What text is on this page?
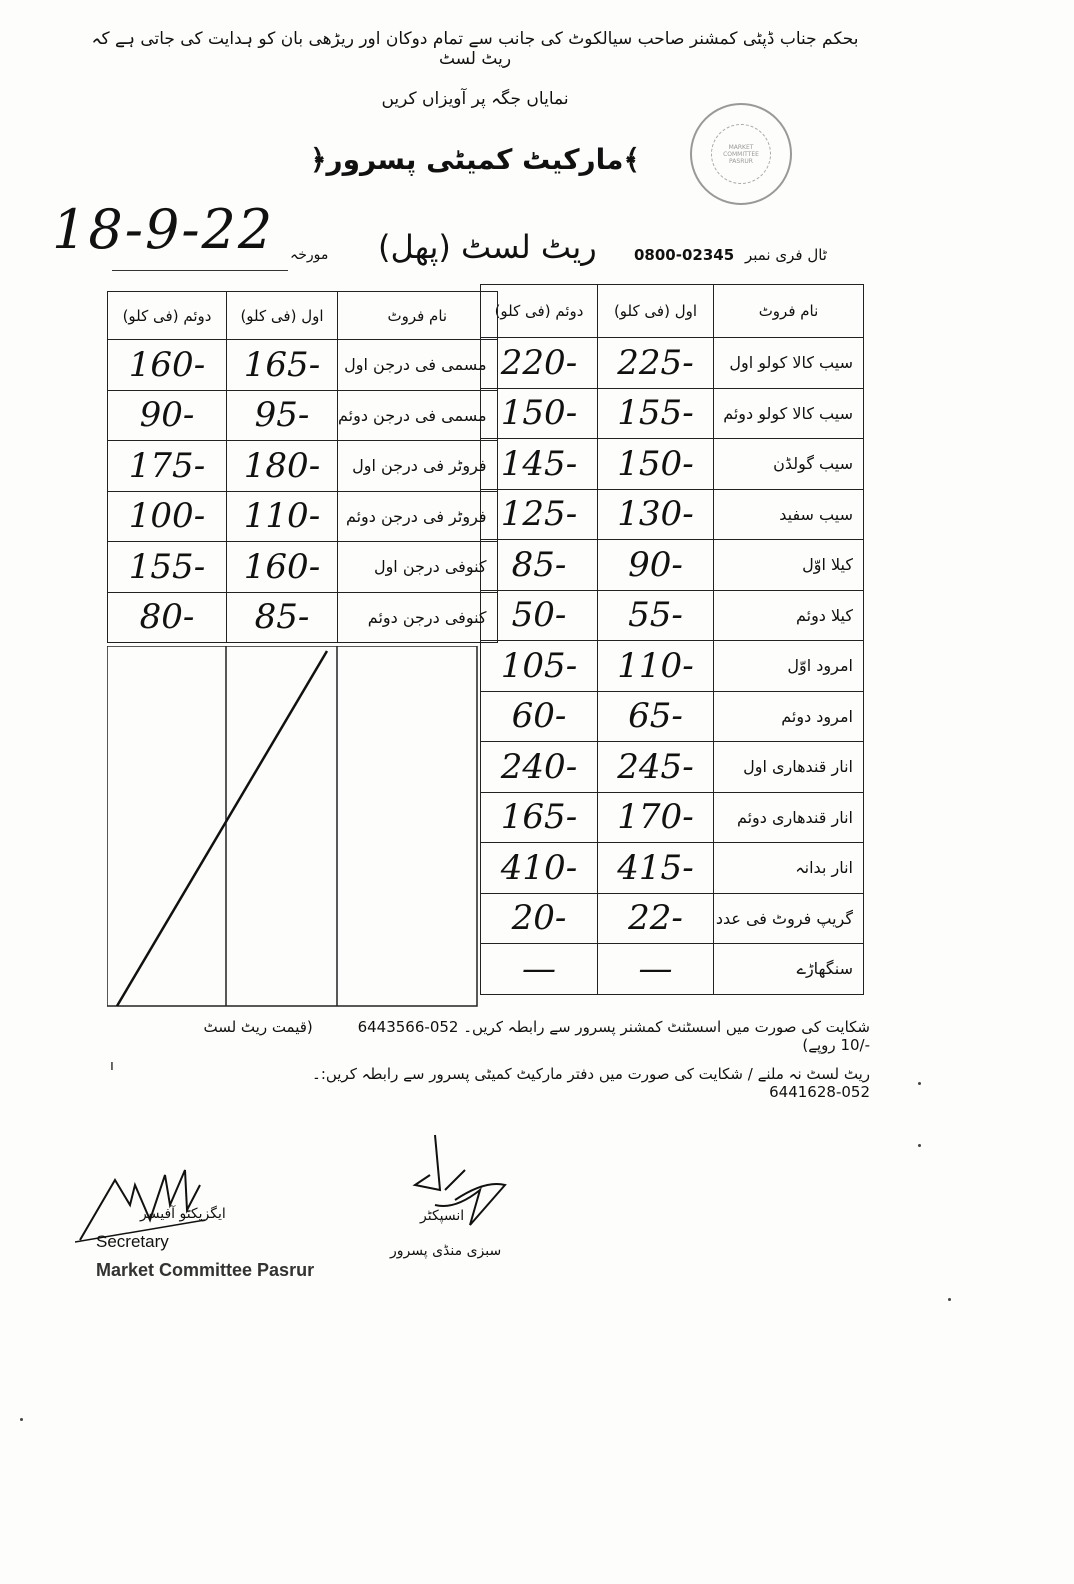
بحکم جناب ڈپٹی کمشنر صاحب سیالکوٹ کی جانب سے تمام دوکان اور ریڑھی بان کو ہدایت کی جاتی ہے کہ ریٹ لسٹ
نمایاں جگہ پر آویزاں کریں
﴾مارکیٹ کمیٹی پسرور﴿	MARKET COMMITTEE PASRUR
18-9-22 مورخہ ریٹ لسٹ (پھل)	ٹال فری نمبر 0800-02345
دوئم (فی کلو)	اول (فی کلو)	نام فروٹ
220-	225-	سیب کالا کولو اول
150-	155-	سیب کالا کولو دوئم
145-	150-	سیب گولڈن
125-	130-	سیب سفید
85-	90-	کیلا اوّل
50-	55-	کیلا دوئم
105-	110-	امرود اوّل
60-	65-	امرود دوئم
240-	245-	انار قندھاری اول
165-	170-	انار قندھاری دوئم
410-	415-	انار بدانہ
20-	22-	گریپ فروٹ فی عدد
—	—	سنگھاڑے
دوئم (فی کلو)	اول (فی کلو)	نام فروٹ
160-	165-	مسمی فی درجن اول
90-	95-	مسمی فی درجن دوئم
175-	180-	فروٹر فی درجن اول
100-	110-	فروٹر فی درجن دوئم
155-	160-	کنوفی درجن اول
80-	85-	کنوفی درجن دوئم
شکایت کی صورت میں اسسٹنٹ کمشنر پسرور سے رابطہ کریں۔ 052-6443566 (قیمت ریٹ لسٹ -/10 روپے)
ریٹ لسٹ نہ ملنے / شکایت کی صورت میں دفتر مارکیٹ کمیٹی پسرور سے رابطہ کریں:۔ 052-6441628
ı
ایگزیکٹو آفیسر
Secretary
Market Committee Pasrur
انسپکٹر
سبزی منڈی پسرور
